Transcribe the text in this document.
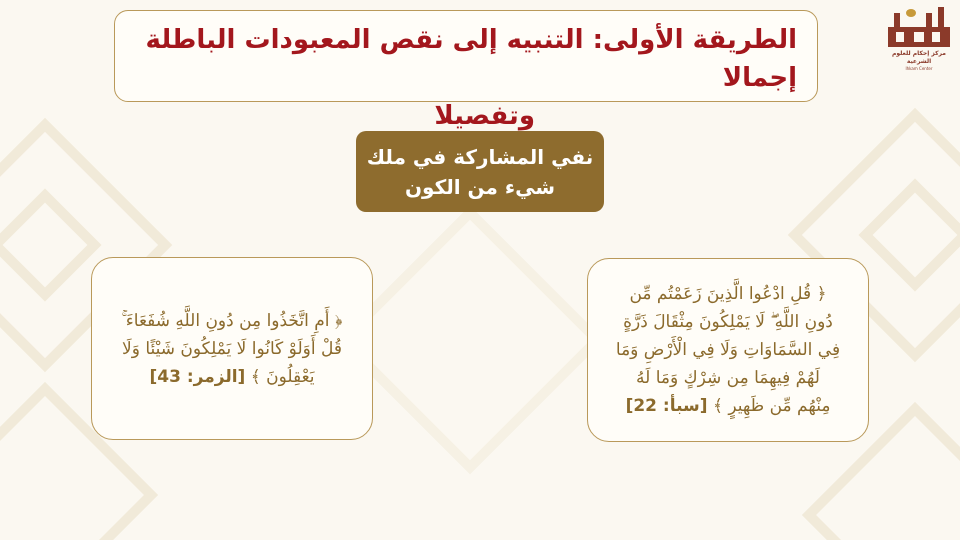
الطريقة الأولى: التنبيه إلى نقص المعبودات الباطلة إجمالا

وتفصيلا

مركز إحكام للعلوم الشرعية
Ihkam Center
نفي المشاركة في ملك
شيء من الكون
﴿ قُلِ ادْعُوا الَّذِينَ زَعَمْتُم مِّن
دُونِ اللَّهِ ۖ لَا يَمْلِكُونَ مِثْقَالَ ذَرَّةٍ
فِي السَّمَاوَاتِ وَلَا فِي الْأَرْضِ وَمَا
لَهُمْ فِيهِمَا مِن شِرْكٍ وَمَا لَهُ
مِنْهُم مِّن ظَهِيرٍ ﴾ [سبأ: 22]
﴿ أَمِ اتَّخَذُوا مِن دُونِ اللَّهِ شُفَعَاءَ ۚ
قُلْ أَوَلَوْ كَانُوا لَا يَمْلِكُونَ شَيْئًا وَلَا
يَعْقِلُونَ ﴾ [الزمر: 43]
